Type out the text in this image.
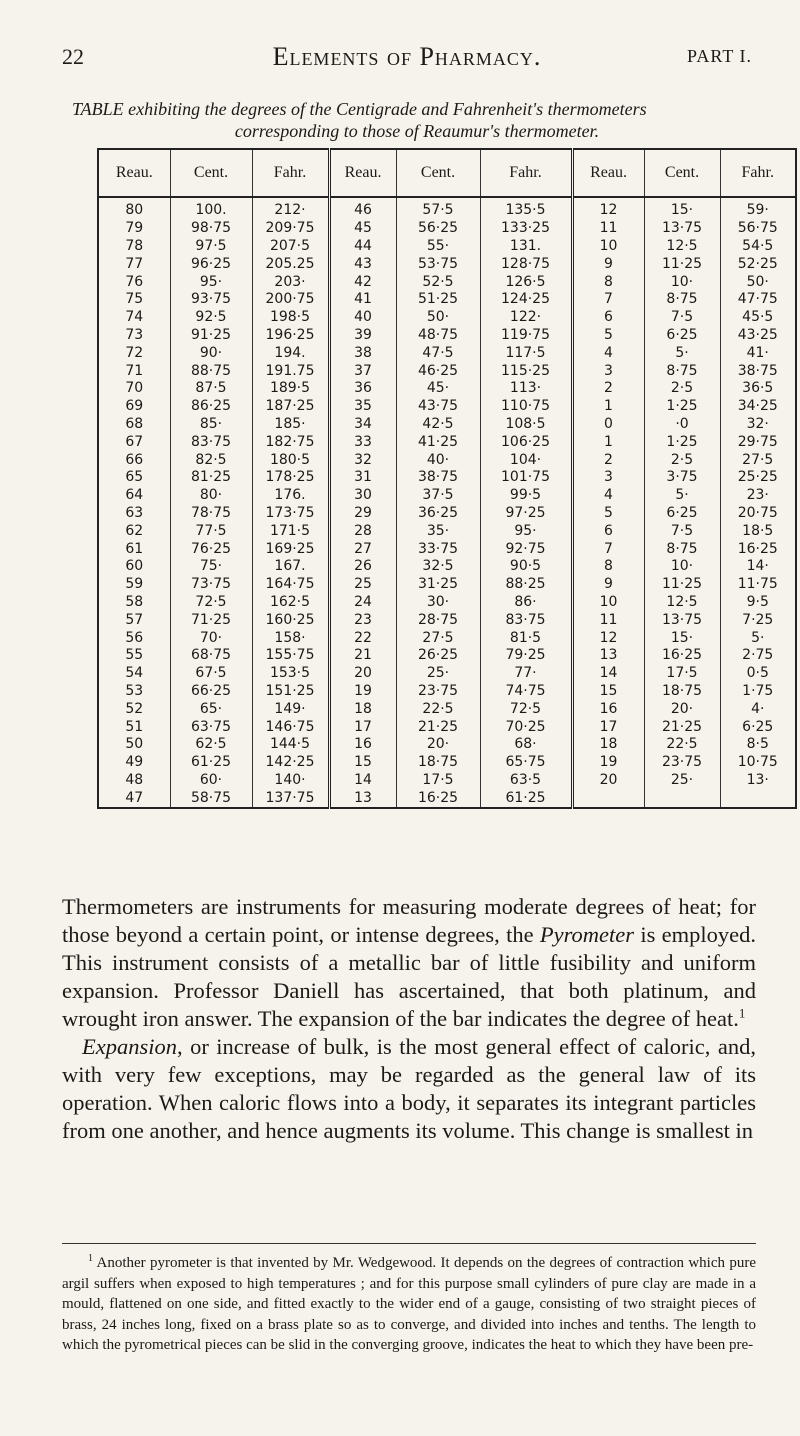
22	Elements of Pharmacy.	PART I.
TABLE exhibiting the degrees of the Centigrade and Fahrenheit's thermometers
corresponding to those of Reaumur's thermometer.
Reau.	Cent.	Fahr.	Reau.	Cent.	Fahr.	Reau.	Cent.	Fahr.
80	100.	212·	46	57·5	135·5	12	15·	59·
79	98·75	209·75	45	56·25	133·25	11	13·75	56·75
78	97·5	207·5	44	55·	131.	10	12·5	54·5
77	96·25	205.25	43	53·75	128·75	9	11·25	52·25
76	95·	203·	42	52·5	126·5	8	10·	50·
75	93·75	200·75	41	51·25	124·25	7	8·75	47·75
74	92·5	198·5	40	50·	122·	6	7·5	45·5
73	91·25	196·25	39	48·75	119·75	5	6·25	43·25
72	90·	194.	38	47·5	117·5	4	5·	41·
71	88·75	191.75	37	46·25	115·25	3	8·75	38·75
70	87·5	189·5	36	45·	113·	2	2·5	36·5
69	86·25	187·25	35	43·75	110·75	1	1·25	34·25
68	85·	185·	34	42·5	108·5	0	·0	32·
67	83·75	182·75	33	41·25	106·25	1	1·25	29·75
66	82·5	180·5	32	40·	104·	2	2·5	27·5
65	81·25	178·25	31	38·75	101·75	3	3·75	25·25
64	80·	176.	30	37·5	99·5	4	5·	23·
63	78·75	173·75	29	36·25	97·25	5	6·25	20·75
62	77·5	171·5	28	35·	95·	6	7·5	18·5
61	76·25	169·25	27	33·75	92·75	7	8·75	16·25
60	75·	167.	26	32·5	90·5	8	10·	14·
59	73·75	164·75	25	31·25	88·25	9	11·25	11·75
58	72·5	162·5	24	30·	86·	10	12·5	9·5
57	71·25	160·25	23	28·75	83·75	11	13·75	7·25
56	70·	158·	22	27·5	81·5	12	15·	5·
55	68·75	155·75	21	26·25	79·25	13	16·25	2·75
54	67·5	153·5	20	25·	77·	14	17·5	0·5
53	66·25	151·25	19	23·75	74·75	15	18·75	1·75
52	65·	149·	18	22·5	72·5	16	20·	4·
51	63·75	146·75	17	21·25	70·25	17	21·25	6·25
50	62·5	144·5	16	20·	68·	18	22·5	8·5
49	61·25	142·25	15	18·75	65·75	19	23·75	10·75
48	60·	140·	14	17·5	63·5	20	25·	13·
47	58·75	137·75	13	16·25	61·25			

Thermometers are instruments for measuring moderate degrees of heat; for those beyond a certain point, or intense degrees, the Pyrometer is employed. This instrument consists of a metallic bar of little fusibility and uniform expansion. Professor Daniell has ascertained, that both platinum, and wrought iron answer. The expansion of the bar indicates the degree of heat.$^1$

Expansion, or increase of bulk, is the most general effect of caloric, and, with very few exceptions, may be regarded as the general law of its operation. When caloric flows into a body, it separates its integrant particles from one another, and hence augments its volume. This change is smallest in

$^1$ Another pyrometer is that invented by Mr. Wedgewood. It depends on the degrees of contraction which pure argil suffers when exposed to high temperatures ; and for this purpose small cylinders of pure clay are made in a mould, flattened on one side, and fitted exactly to the wider end of a gauge, consisting of two straight pieces of brass, 24 inches long, fixed on a brass plate so as to converge, and divided into inches and tenths. The length to which the pyrometrical pieces can be slid in the converging groove, indicates the heat to which they have been pre-
